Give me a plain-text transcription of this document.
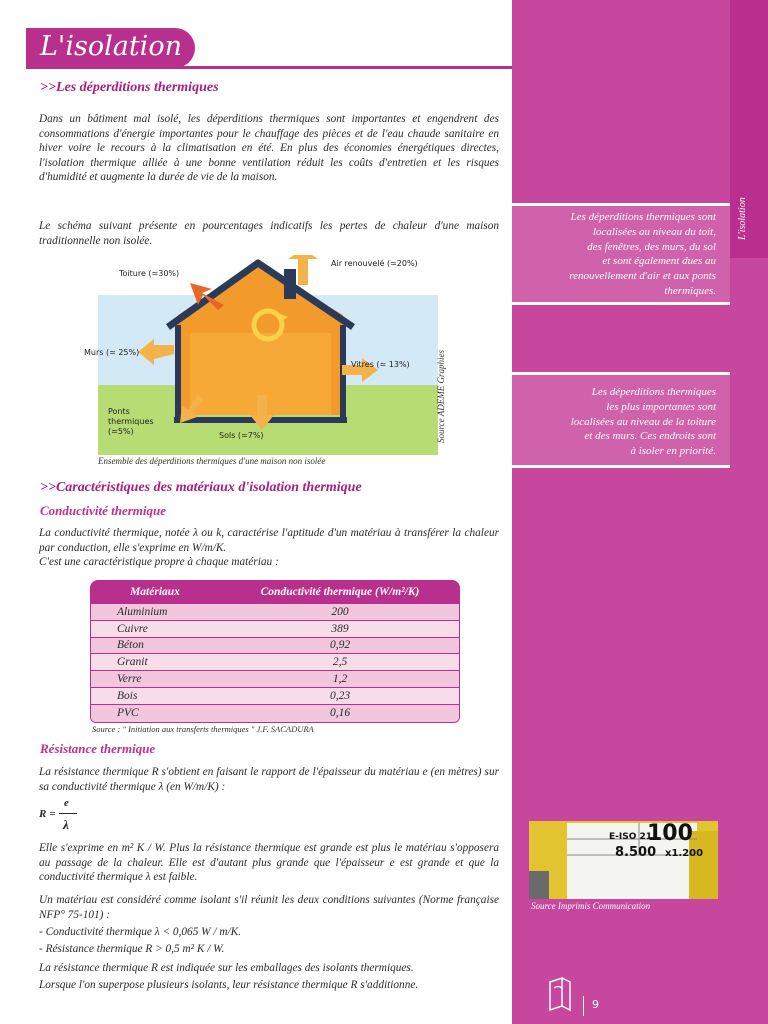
L'isolation
>>Les déperditions thermiques
Dans un bâtiment mal isolé, les déperditions thermiques sont importantes et engendrent des consommations d'énergie importantes pour le chauffage des pièces et de l'eau chaude sanitaire en hiver voire le recours à la climatisation en été. En plus des économies énergétiques directes, l'isolation thermique alliée à une bonne ventilation réduit les coûts d'entretien et les risques d'humidité et augmente la durée de vie de la maison.
Le schéma suivant présente en pourcentages indicatifs les pertes de chaleur d'une maison traditionnelle non isolée.
Toiture (≃30%)
Air renouvelé (≃20%)
Murs (≃ 25%)
Vitres (≃ 13%)
Ponts
thermiques
(≃5%)	Sols (≃7%)	Source ADEME Graphies
Ensemble des déperditions thermiques d'une maison non isolée
>>Caractéristiques des matériaux d'isolation thermique
Conductivité thermique
La conductivité thermique, notée λ ou k, caractérise l'aptitude d'un matériau à transférer la chaleur par conduction, elle s'exprime en W/m/K.
C'est une caractéristique propre à chaque matériau :
Matériaux	Conductivité thermique (W/m²/K)
Aluminium	200
Cuivre	389
Béton	0,92
Granit	2,5
Verre	1,2
Bois	0,23
PVC	0,16
Source : " Initiation aux transferts thermiques " J.F. SACADURA
Résistance thermique
La résistance thermique R s'obtient en faisant le rapport de l'épaisseur du matériau e (en mètres) sur sa conductivité thermique λ (en W/m/K) :
R =
e
λ
Elle s'exprime en m² K / W. Plus la résistance thermique est grande est plus le matériau s'opposera au passage de la chaleur. Elle est d'autant plus grande que l'épaisseur e est grande et que la conductivité thermique λ est faible.
Un matériau est considéré comme isolant s'il réunit les deux conditions suivantes (Norme française NFP° 75-101) :
- Conductivité thermique λ < 0,065 W / m/K.
- Résistance thermique R > 0,5 m² K / W.
La résistance thermique R est indiquée sur les emballages des isolants thermiques.
Lorsque l'on superpose plusieurs isolants, leur résistance thermique R s'additionne.
L'isolation
Les déperditions thermiques sont
localisées au niveau du toit,
des fenêtres, des murs, du sol
et sont également dues au
renouvellement d'air et aux ponts
thermiques.
Les déperditions thermiques
les plus importantes sont
localisées au niveau de la toiture
et des murs. Ces endroits sont
à isoler en priorité.
100
8.500 x1.200
E-ISO 21
Source Imprimis Communication
9
